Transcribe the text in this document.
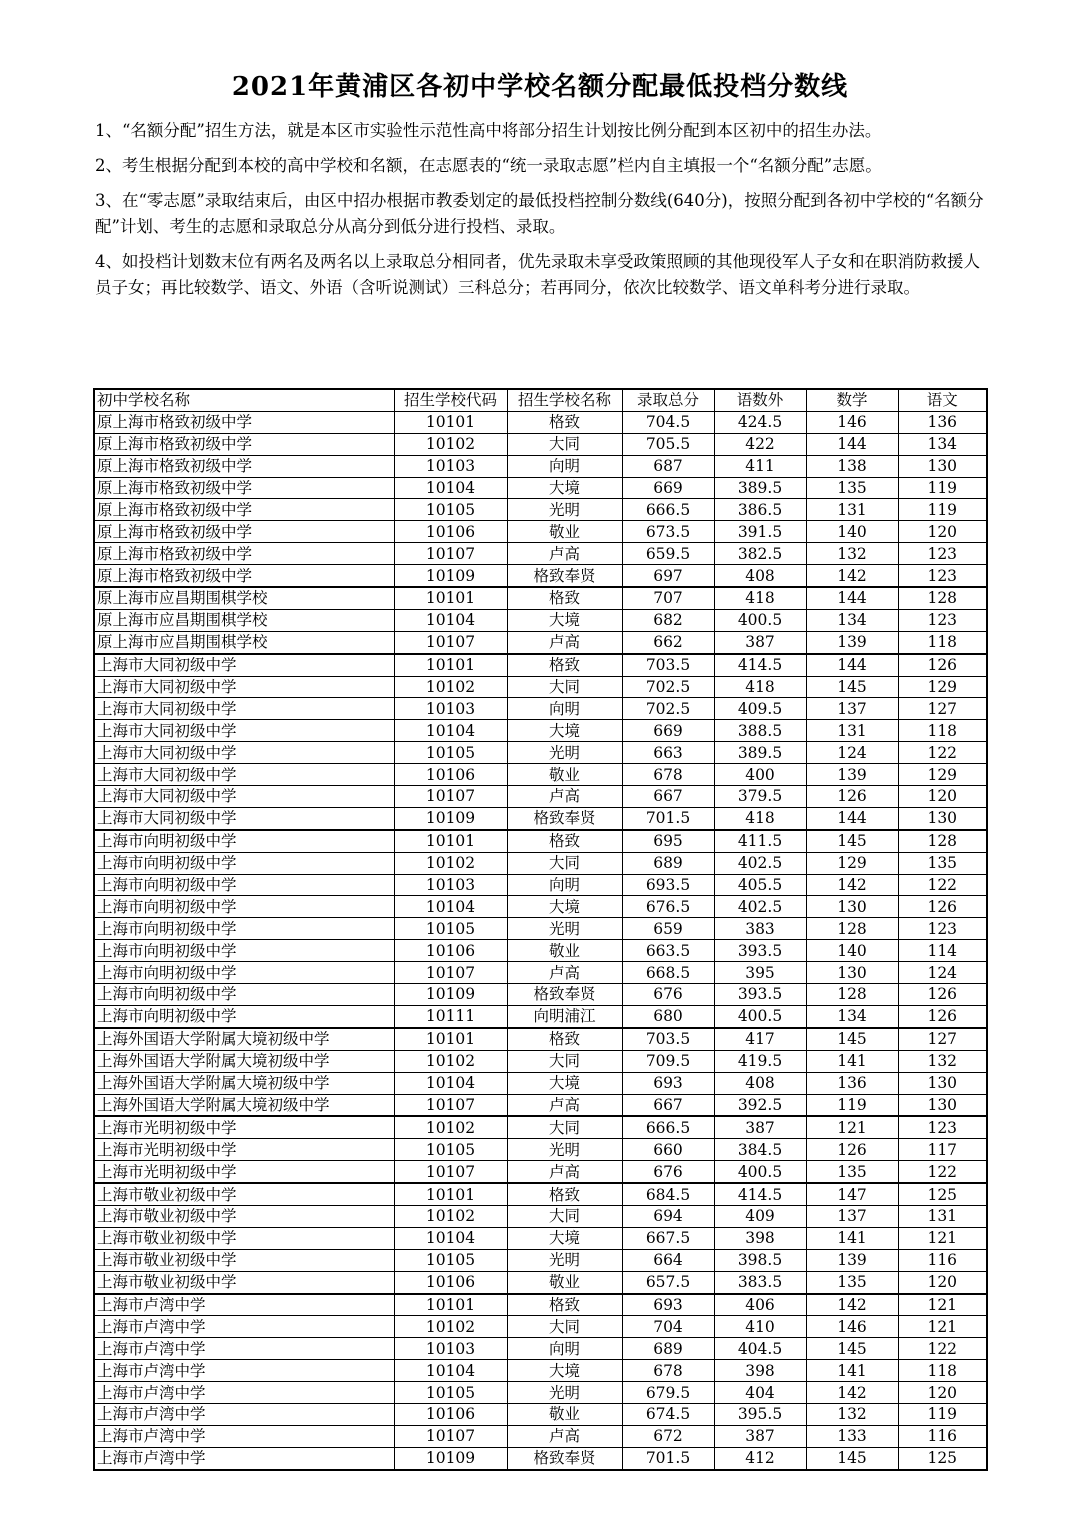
2021年黄浦区各初中学校名额分配最低投档分数线

1、“名额分配”招生方法，就是本区市实验性示范性高中将部分招生计划按比例分配到本区初中的招生办法。

2、考生根据分配到本校的高中学校和名额，在志愿表的“统一录取志愿”栏内自主填报一个“名额分配”志愿。

3、在“零志愿”录取结束后，由区中招办根据市教委划定的最低投档控制分数线(640分)，按照分配到各初中学校的“名额分配”计划、考生的志愿和录取总分从高分到低分进行投档、录取。

4、如投档计划数末位有两名及两名以上录取总分相同者，优先录取未享受政策照顾的其他现役军人子女和在职消防救援人员子女；再比较数学、语文、外语（含听说测试）三科总分；若再同分，依次比较数学、语文单科考分进行录取。

初中学校名称	招生学校代码	招生学校名称	录取总分	语数外	数学	语文
原上海市格致初级中学	10101	格致	704.5	424.5	146	136
原上海市格致初级中学	10102	大同	705.5	422	144	134
原上海市格致初级中学	10103	向明	687	411	138	130
原上海市格致初级中学	10104	大境	669	389.5	135	119
原上海市格致初级中学	10105	光明	666.5	386.5	131	119
原上海市格致初级中学	10106	敬业	673.5	391.5	140	120
原上海市格致初级中学	10107	卢高	659.5	382.5	132	123
原上海市格致初级中学	10109	格致奉贤	697	408	142	123
原上海市应昌期围棋学校	10101	格致	707	418	144	128
原上海市应昌期围棋学校	10104	大境	682	400.5	134	123
原上海市应昌期围棋学校	10107	卢高	662	387	139	118
上海市大同初级中学	10101	格致	703.5	414.5	144	126
上海市大同初级中学	10102	大同	702.5	418	145	129
上海市大同初级中学	10103	向明	702.5	409.5	137	127
上海市大同初级中学	10104	大境	669	388.5	131	118
上海市大同初级中学	10105	光明	663	389.5	124	122
上海市大同初级中学	10106	敬业	678	400	139	129
上海市大同初级中学	10107	卢高	667	379.5	126	120
上海市大同初级中学	10109	格致奉贤	701.5	418	144	130
上海市向明初级中学	10101	格致	695	411.5	145	128
上海市向明初级中学	10102	大同	689	402.5	129	135
上海市向明初级中学	10103	向明	693.5	405.5	142	122
上海市向明初级中学	10104	大境	676.5	402.5	130	126
上海市向明初级中学	10105	光明	659	383	128	123
上海市向明初级中学	10106	敬业	663.5	393.5	140	114
上海市向明初级中学	10107	卢高	668.5	395	130	124
上海市向明初级中学	10109	格致奉贤	676	393.5	128	126
上海市向明初级中学	10111	向明浦江	680	400.5	134	126
上海外国语大学附属大境初级中学	10101	格致	703.5	417	145	127
上海外国语大学附属大境初级中学	10102	大同	709.5	419.5	141	132
上海外国语大学附属大境初级中学	10104	大境	693	408	136	130
上海外国语大学附属大境初级中学	10107	卢高	667	392.5	119	130
上海市光明初级中学	10102	大同	666.5	387	121	123
上海市光明初级中学	10105	光明	660	384.5	126	117
上海市光明初级中学	10107	卢高	676	400.5	135	122
上海市敬业初级中学	10101	格致	684.5	414.5	147	125
上海市敬业初级中学	10102	大同	694	409	137	131
上海市敬业初级中学	10104	大境	667.5	398	141	121
上海市敬业初级中学	10105	光明	664	398.5	139	116
上海市敬业初级中学	10106	敬业	657.5	383.5	135	120
上海市卢湾中学	10101	格致	693	406	142	121
上海市卢湾中学	10102	大同	704	410	146	121
上海市卢湾中学	10103	向明	689	404.5	145	122
上海市卢湾中学	10104	大境	678	398	141	118
上海市卢湾中学	10105	光明	679.5	404	142	120
上海市卢湾中学	10106	敬业	674.5	395.5	132	119
上海市卢湾中学	10107	卢高	672	387	133	116
上海市卢湾中学	10109	格致奉贤	701.5	412	145	125
